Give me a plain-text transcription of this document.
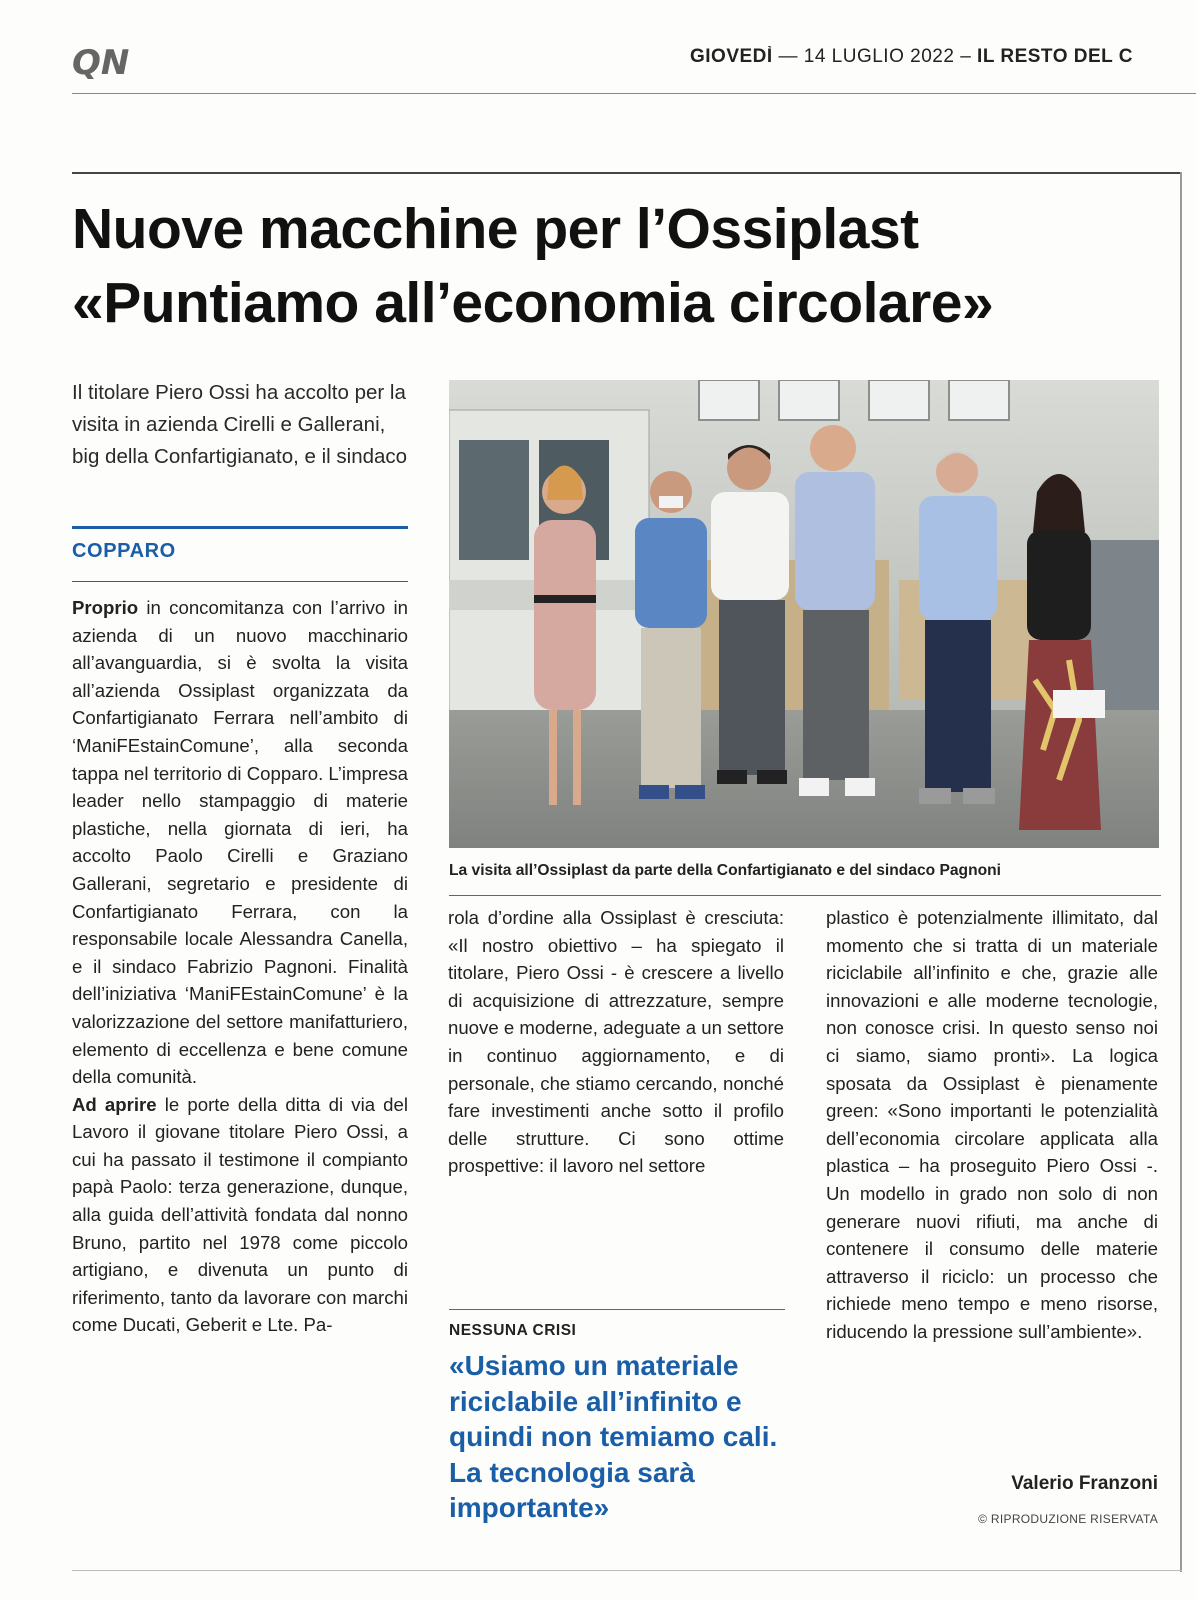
QN	GIOVEDÌ — 14 LUGLIO 2022 – IL RESTO DEL C
Nuove macchine per l’Ossiplast
«Puntiamo all’economia circolare»
Il titolare Piero Ossi ha accolto per la visita in azienda Cirelli e Gallerani, big della Confartigianato, e il sindaco
COPPARO

Proprio in concomitanza con l’arrivo in azienda di un nuovo macchinario all’avanguardia, si è svolta la visita all’azienda Ossiplast organizzata da Confartigianato Ferrara nell’ambito di ‘ManiFEstainComune’, alla seconda tappa nel territorio di Copparo. L’impresa leader nello stampaggio di materie plastiche, nella giornata di ieri, ha accolto Paolo Cirelli e Graziano Gallerani, segretario e presidente di Confartigianato Ferrara, con la responsabile locale Alessandra Canella, e il sindaco Fabrizio Pagnoni. Finalità dell’iniziativa ‘ManiFEstainComune’ è la valorizzazione del settore manifatturiero, elemento di eccellenza e bene comune della comunità.

Ad aprire le porte della ditta di via del Lavoro il giovane titolare Piero Ossi, a cui ha passato il testimone il compianto papà Paolo: terza generazione, dunque, alla guida dell’attività fondata dal nonno Bruno, partito nel 1978 come piccolo artigiano, e divenuta un punto di riferimento, tanto da lavorare con marchi come Ducati, Geberit e Lte. Pa-

La visita all’Ossiplast da parte della Confartigianato e del sindaco Pagnoni

rola d’ordine alla Ossiplast è cresciuta: «Il nostro obiettivo – ha spiegato il titolare, Piero Ossi - è crescere a livello di acquisizione di attrezzature, sempre nuove e moderne, adeguate a un settore in continuo aggiornamento, e di personale, che stiamo cercando, nonché fare investimenti anche sotto il profilo delle strutture. Ci sono ottime prospettive: il lavoro nel settore

NESSUNA CRISI
«Usiamo un materiale riciclabile all’infinito e quindi non temiamo cali. La tecnologia sarà importante»

plastico è potenzialmente illimitato, dal momento che si tratta di un materiale riciclabile all’infinito e che, grazie alle innovazioni e alle moderne tecnologie, non conosce crisi. In questo senso noi ci siamo, siamo pronti». La logica sposata da Ossiplast è pienamente green: «Sono importanti le potenzialità dell’economia circolare applicata alla plastica – ha proseguito Piero Ossi -. Un modello in grado non solo di non generare nuovi rifiuti, ma anche di contenere il consumo delle materie attraverso il riciclo: un processo che richiede meno tempo e meno risorse, riducendo la pressione sull’ambiente».

Valerio Franzoni
© RIPRODUZIONE RISERVATA
